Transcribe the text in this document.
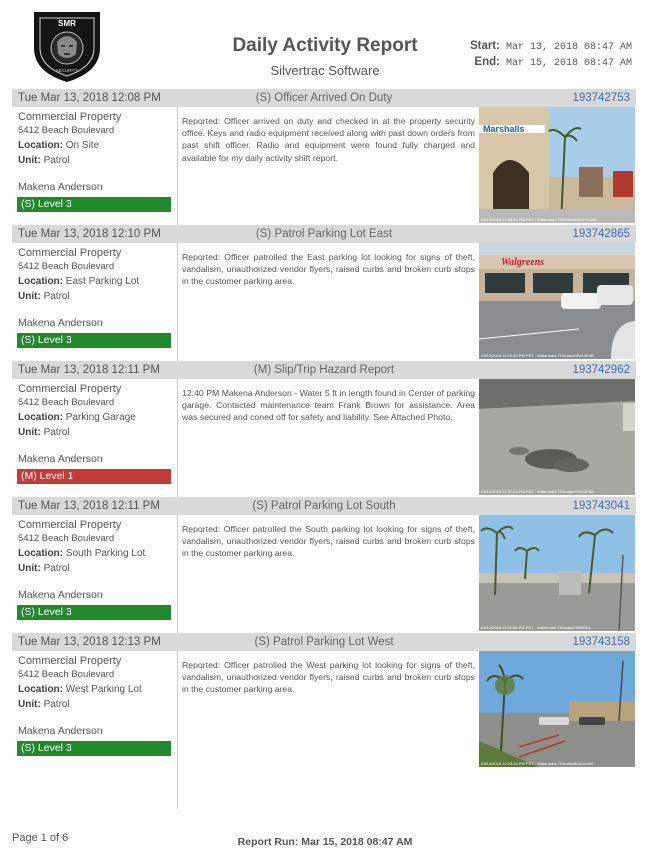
SMR
SECURITY
Daily Activity Report
Silvertrac Software
Start: Mar 13, 2018 08:47 AM
End: Mar 15, 2018 08:47 AM
Tue Mar 13, 2018 12:08 PM	(S) Officer Arrived On Duty	193742753
Commercial Property
5412 Beach Boulevard
Location: On Site
Unit: Patrol
Makena Anderson
(S) Level 3
Reported: Officer arrived on duty and checked in at the property security office. Keys and radio equipment received along with past down orders from past shift officer. Radio and equipment were found fully charged and available for my daily activity shift report.
Marshalls
03/13/2018 12:08:54 PM PST - Watermark TR/maketASDFFCGE
Tue Mar 13, 2018 12:10 PM	(S) Patrol Parking Lot East	193742865
Commercial Property
5412 Beach Boulevard
Location: East Parking Lot
Unit: Patrol
Makena Anderson
(S) Level 3
Reported: Officer patrolled the East parking lot looking for signs of theft, vandalism, unauthorized vendor flyers, raised curbs and broken curb stops in the customer parking area.
Walgreens
03/13/2018 12:10:32 PM PST - Watermark TR/makeDFA13E4B
Tue Mar 13, 2018 12:11 PM	(M) Slip/Trip Hazard Report	193742962
Commercial Property
5412 Beach Boulevard
Location: Parking Garage
Unit: Patrol
Makena Anderson
(M) Level 1
12:40 PM Makena Anderson - Water 5 ft in length found in Center of parking garage. Contacted maintenance team Frank Brown for assistance. Area was secured and coned off for safety and liability. See Attached Photo.
03/13/2018 12:37:44 PM PST - Watermark TR/makeTH4C2F8E
Tue Mar 13, 2018 12:11 PM	(S) Patrol Parking Lot South	193743041
Commercial Property
5412 Beach Boulevard
Location: South Parking Lot
Unit: Patrol
Makena Anderson
(S) Level 3
Reported: Officer patrolled the South parking lot looking for signs of theft, vandalism, unauthorized vendor flyers, raised curbs and broken curb stops in the customer parking area.
03/13/2018 12:11:58 PM PST - Watermark TR/make73B0D14
Tue Mar 13, 2018 12:13 PM	(S) Patrol Parking Lot West	193743158
Commercial Property
5412 Beach Boulevard
Location: West Parking Lot
Unit: Patrol
Makena Anderson
(S) Level 3
Reported: Officer patrolled the West parking lot looking for signs of theft, vandalism, unauthorized vendor flyers, raised curbs and broken curb stops in the customer parking area.
03/13/2018 12:13:34 PM PST - Watermark TR/makeB0A3416B
Page 1 of 6	Report Run: Mar 15, 2018 08:47 AM
